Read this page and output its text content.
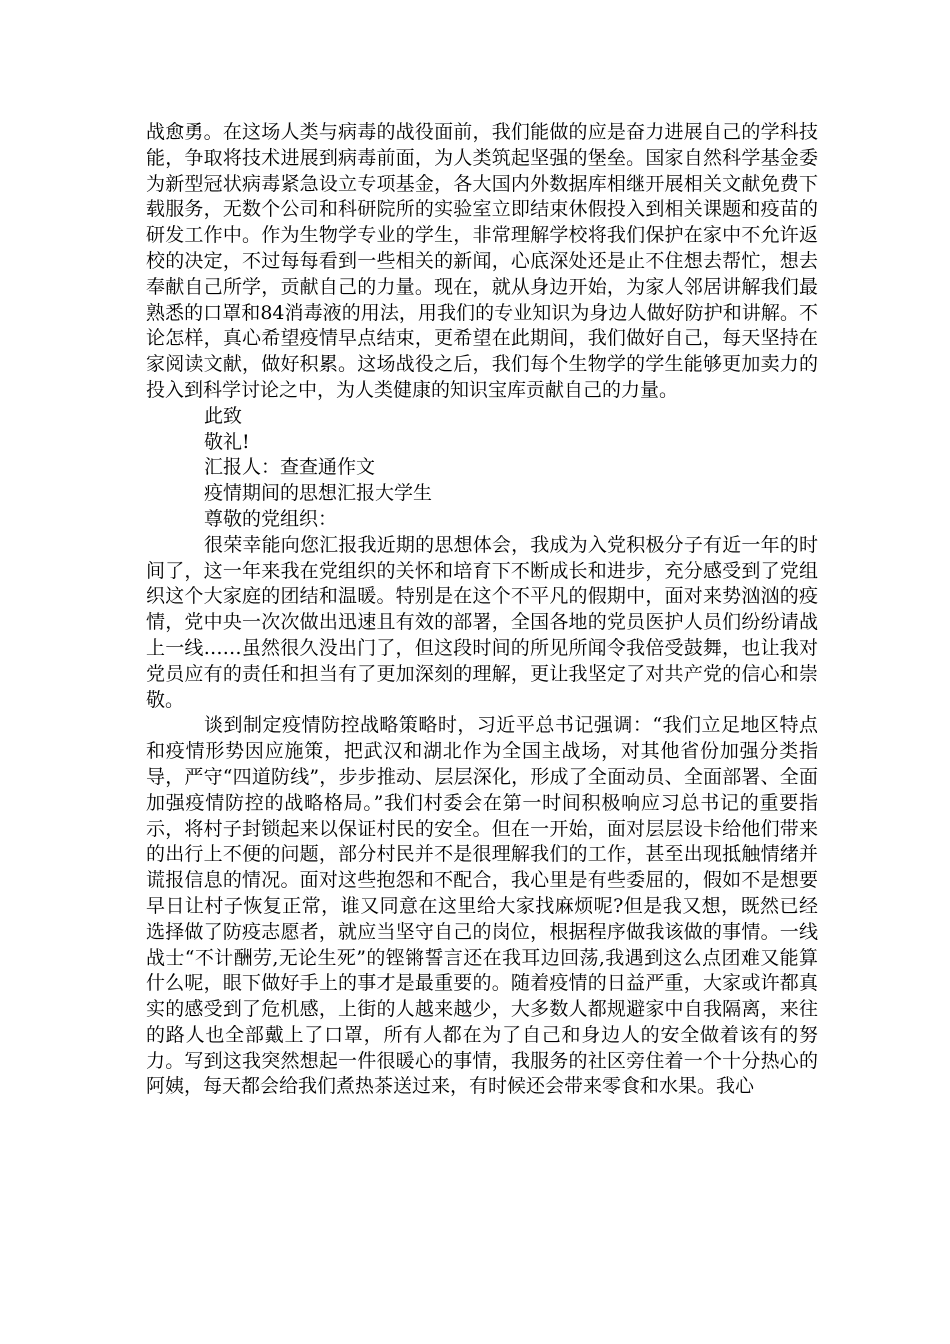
战愈勇。在这场人类与病毒的战役面前，我们能做的应是奋力进展自己的学科技能，争取将技术进展到病毒前面，为人类筑起坚强的堡垒。国家自然科学基金委为新型冠状病毒紧急设立专项基金，各大国内外数据库相继开展相关文献免费下载服务，无数个公司和科研院所的实验室立即结束休假投入到相关课题和疫苗的研发工作中。作为生物学专业的学生，非常理解学校将我们保护在家中不允许返校的决定，不过每每看到一些相关的新闻，心底深处还是止不住想去帮忙，想去奉献自己所学，贡献自己的力量。现在，就从身边开始，为家人邻居讲解我们最熟悉的口罩和84消毒液的用法，用我们的专业知识为身边人做好防护和讲解。不论怎样，真心希望疫情早点结束，更希望在此期间，我们做好自己，每天坚持在家阅读文献，做好积累。这场战役之后，我们每个生物学的学生能够更加卖力的投入到科学讨论之中，为人类健康的知识宝库贡献自己的力量。

此致

敬礼!

汇报人：查查通作文

疫情期间的思想汇报大学生

尊敬的党组织：

很荣幸能向您汇报我近期的思想体会，我成为入党积极分子有近一年的时间了，这一年来我在党组织的关怀和培育下不断成长和进步，充分感受到了党组织这个大家庭的团结和温暖。特别是在这个不平凡的假期中，面对来势汹汹的疫情，党中央一次次做出迅速且有效的部署，全国各地的党员医护人员们纷纷请战上一线……虽然很久没出门了，但这段时间的所见所闻令我倍受鼓舞，也让我对党员应有的责任和担当有了更加深刻的理解，更让我坚定了对共产党的信心和崇敬。

谈到制定疫情防控战略策略时，习近平总书记强调：“我们立足地区特点和疫情形势因应施策，把武汉和湖北作为全国主战场，对其他省份加强分类指导，严守“四道防线”，步步推动、层层深化，形成了全面动员、全面部署、全面加强疫情防控的战略格局。”我们村委会在第一时间积极响应习总书记的重要指示，将村子封锁起来以保证村民的安全。但在一开始，面对层层设卡给他们带来的出行上不便的问题，部分村民并不是很理解我们的工作，甚至出现抵触情绪并谎报信息的情况。面对这些抱怨和不配合，我心里是有些委屈的，假如不是想要早日让村子恢复正常，谁又同意在这里给大家找麻烦呢?但是我又想，既然已经选择做了防疫志愿者，就应当坚守自己的岗位，根据程序做我该做的事情。一线战士“不计酬劳,无论生死”的铿锵誓言还在我耳边回荡,我遇到这么点团难又能算什么呢，眼下做好手上的事才是最重要的。随着疫情的日益严重，大家或许都真实的感受到了危机感，上街的人越来越少，大多数人都规避家中自我隔离，来往的路人也全部戴上了口罩，所有人都在为了自己和身边人的安全做着该有的努力。写到这我突然想起一件很暖心的事情，我服务的社区旁住着一个十分热心的阿姨，每天都会给我们煮热茶送过来，有时候还会带来零食和水果。我心
